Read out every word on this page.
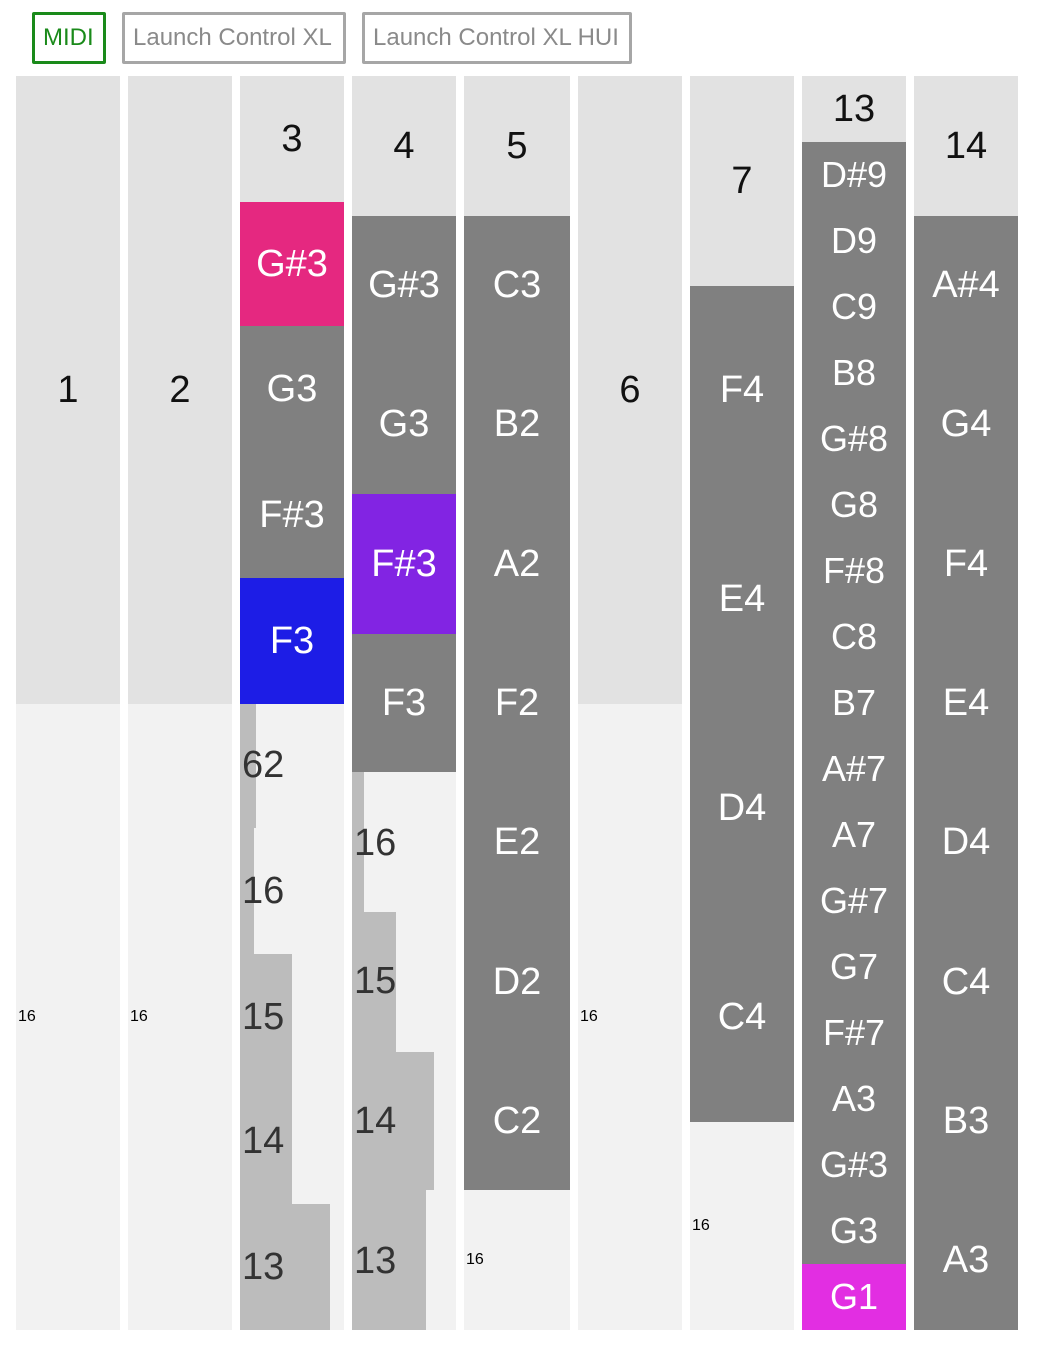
MIDI	Launch Control XL	Launch Control XL HUI
1
16
2
16
3
G#3
G3
F#3
F3
62
16
15
14
13
4
G#3
G3
F#3
F3
16
15
14
13
5
C3
B2
A2
F2
E2
D2
C2
16
6
16
7
F4
E4
D4
C4
16
13
D#9
D9
C9
B8
G#8
G8
F#8
C8
B7
A#7
A7
G#7
G7
F#7
A3
G#3
G3
G1
14
A#4
G4
F4
E4
D4
C4
B3
A3
